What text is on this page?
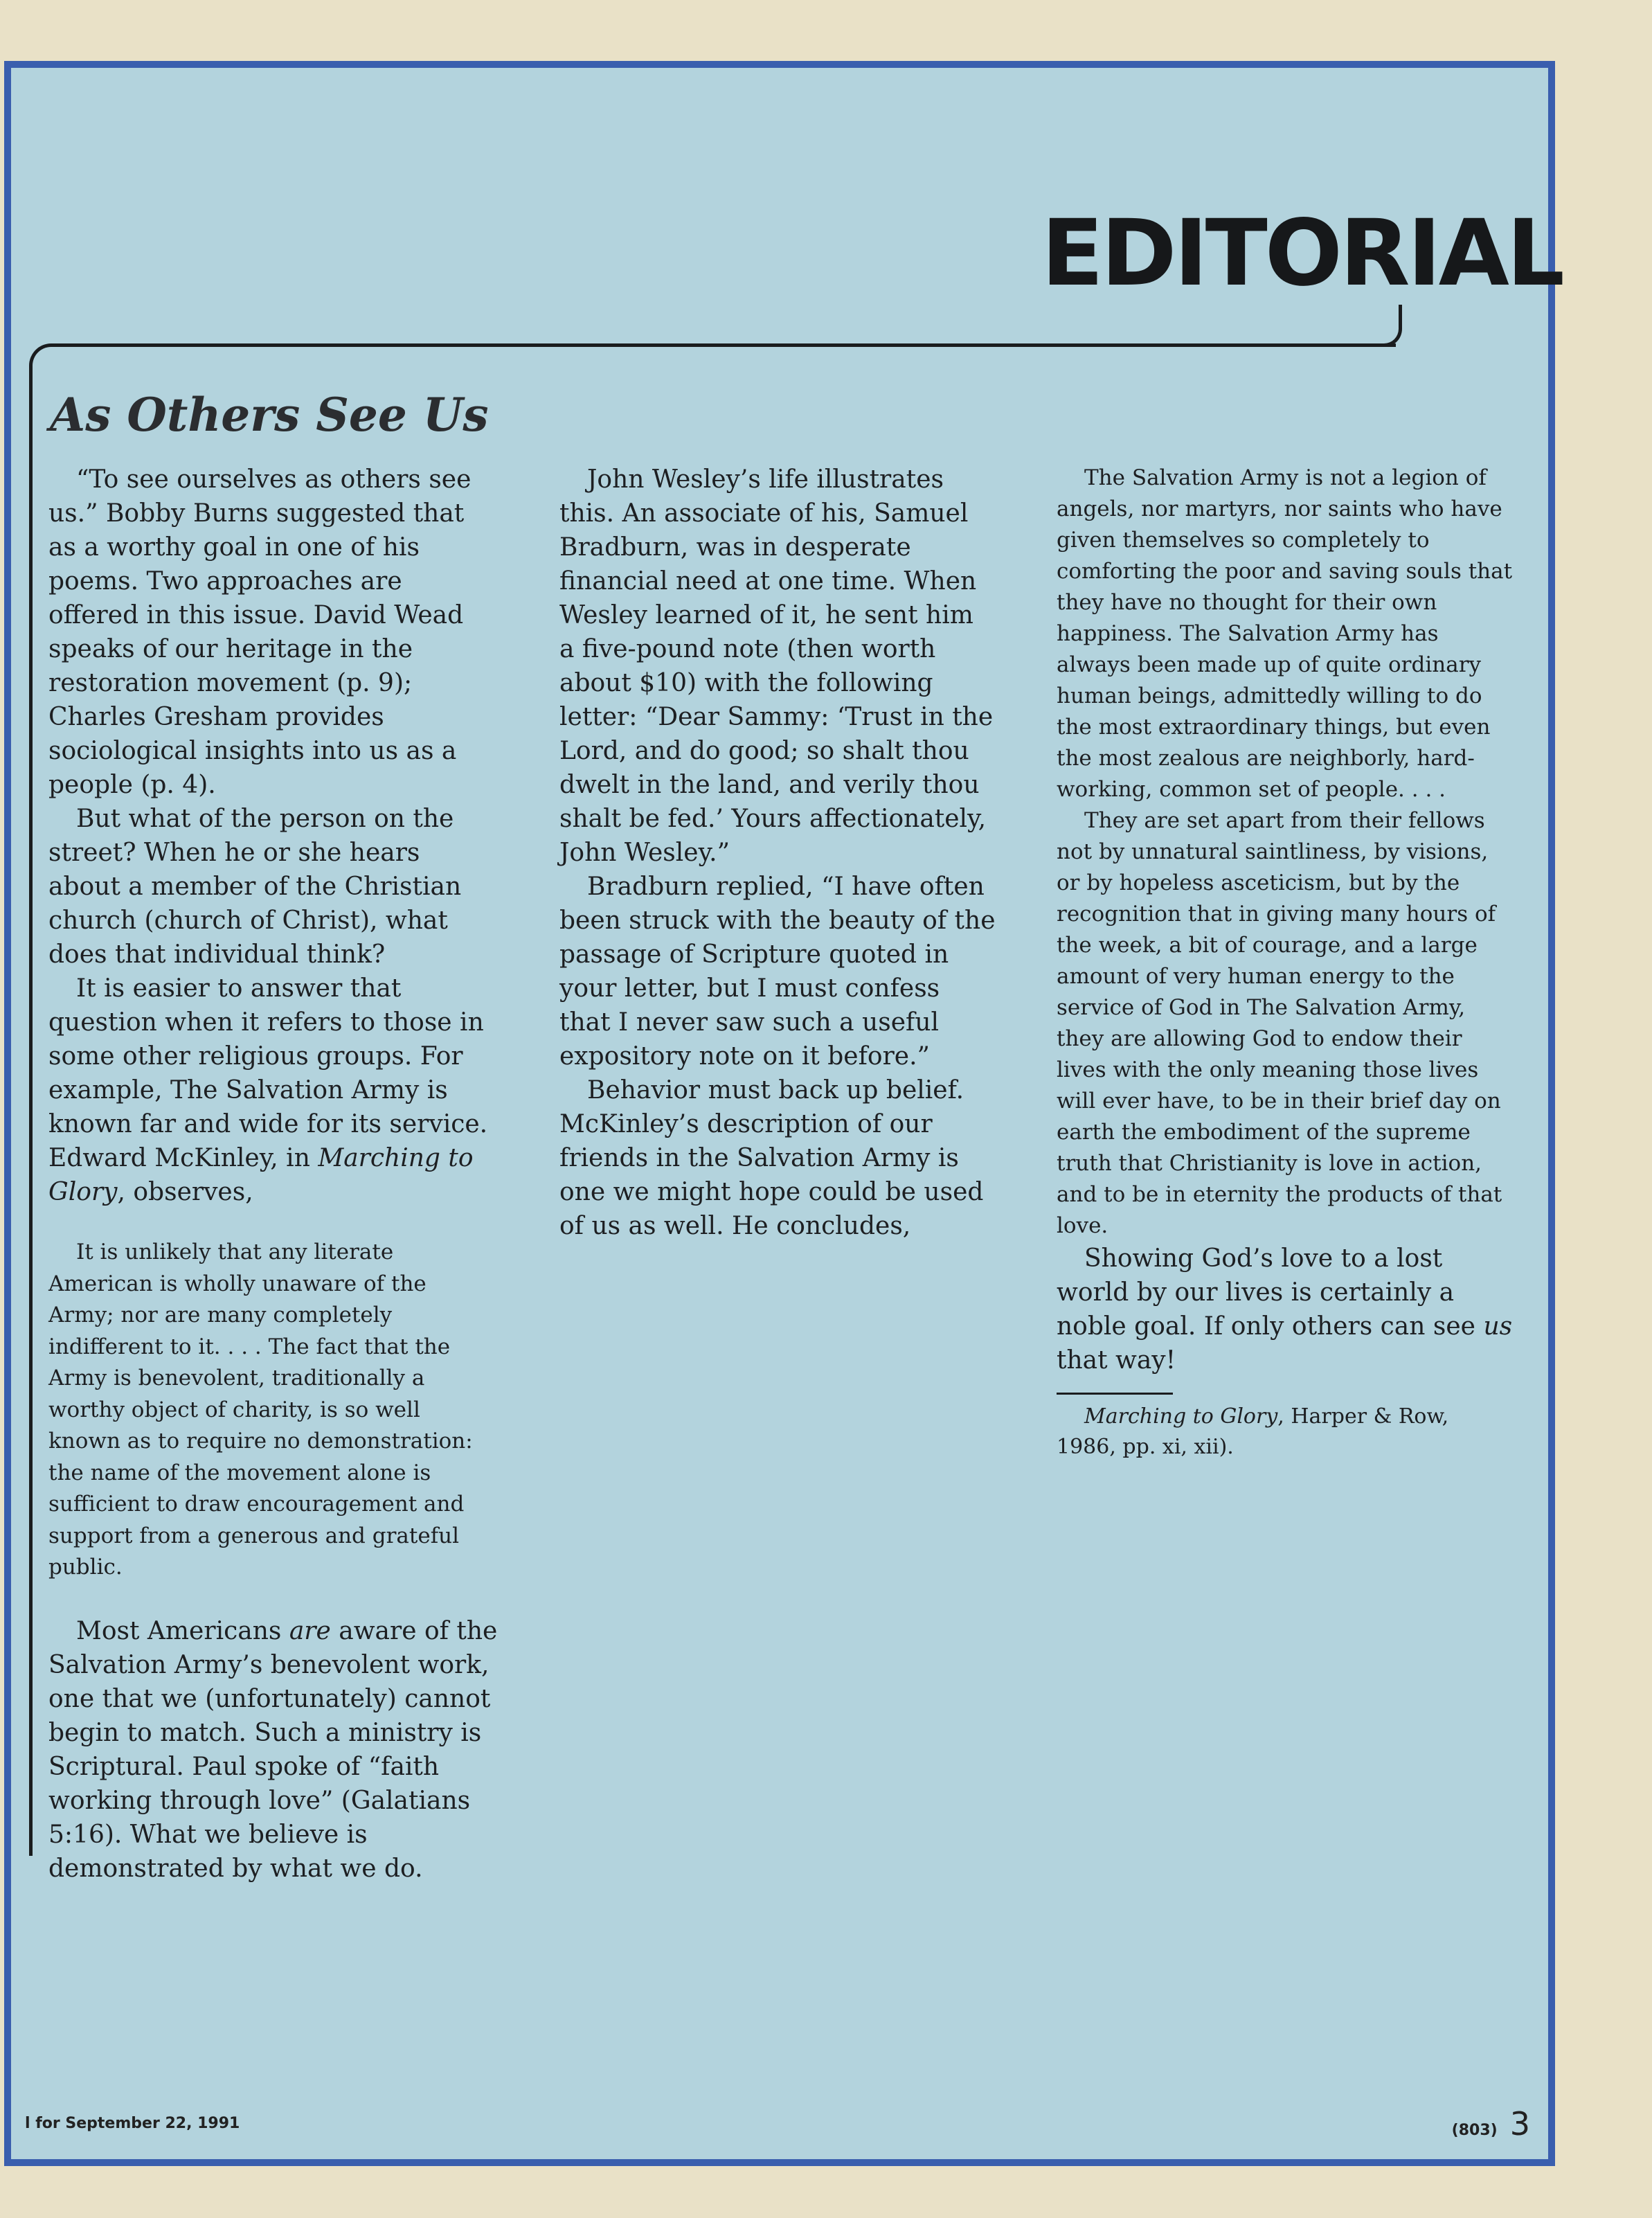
EDITORIAL
As Others See Us

“To see ourselves as others see us.” Bobby Burns suggested that as a worthy goal in one of his poems. Two approaches are offered in this issue. David Wead speaks of our heritage in the restoration movement (p. 9); Charles Gresham provides sociological insights into us as a people (p. 4).

But what of the person on the street? When he or she hears about a member of the Christian church (church of Christ), what does that individual think?

It is easier to answer that question when it refers to those in some other religious groups. For example, The Salvation Army is known far and wide for its service. Edward McKinley, in Marching to Glory, observes,

It is unlikely that any literate American is wholly unaware of the Army; nor are many completely indifferent to it. . . . The fact that the Army is benevolent, traditionally a worthy object of charity, is so well known as to require no demonstration: the name of the movement alone is sufficient to draw encouragement and support from a generous and grateful public.

Most Americans are aware of the Salvation Army’s benevolent work, one that we (unfortunately) cannot begin to match. Such a ministry is Scriptural. Paul spoke of “faith working through love” (Galatians 5:16). What we believe is demonstrated by what we do.

John Wesley’s life illustrates this. An associate of his, Samuel Bradburn, was in desperate financial need at one time. When Wesley learned of it, he sent him a five-pound note (then worth about $10) with the following letter: “Dear Sammy: ‘Trust in the Lord, and do good; so shalt thou dwelt in the land, and verily thou shalt be fed.’ Yours affectionately, John Wesley.”

Bradburn replied, “I have often been struck with the beauty of the passage of Scripture quoted in your letter, but I must confess that I never saw such a useful expository note on it before.”

Behavior must back up belief. McKinley’s description of our friends in the Salvation Army is one we might hope could be used of us as well. He concludes,

The Salvation Army is not a legion of angels, nor martyrs, nor saints who have given themselves so completely to comforting the poor and saving souls that they have no thought for their own happiness. The Salvation Army has always been made up of quite ordinary human beings, admittedly willing to do the most extraordinary things, but even the most zealous are neighborly, hard-working, common set of people. . . .

They are set apart from their fellows not by unnatural saintliness, by visions, or by hopeless asceticism, but by the recognition that in giving many hours of the week, a bit of courage, and a large amount of very human energy to the service of God in The Salvation Army, they are allowing God to endow their lives with the only meaning those lives will ever have, to be in their brief day on earth the embodiment of the supreme truth that Christianity is love in action, and to be in eternity the products of that love.

Showing God’s love to a lost world by our lives is certainly a noble goal. If only others can see us that way!

Marching to Glory, Harper & Row, 1986, pp. xi, xii).

l for September 22, 1991	(803) 3
